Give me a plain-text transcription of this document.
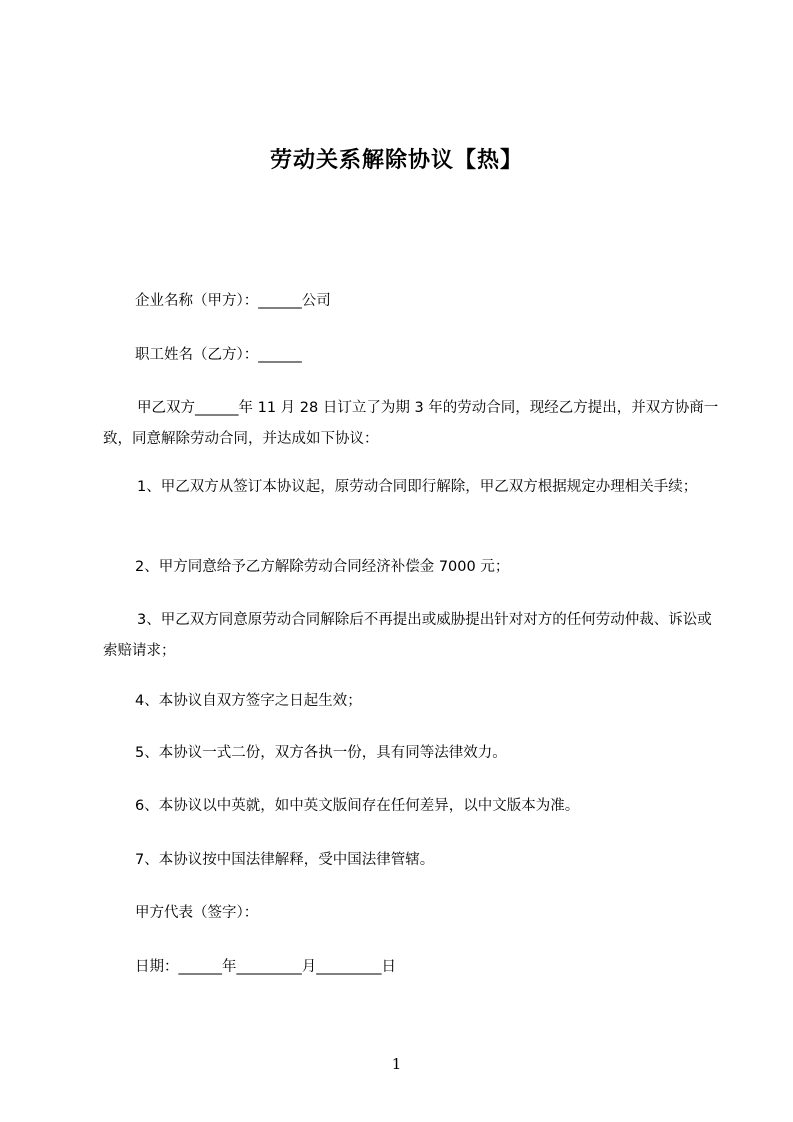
劳动关系解除协议【热】

企业名称（甲方）：______公司

职工姓名（乙方）：______

甲乙双方______年 11 月 28 日订立了为期 3 年的劳动合同，现经乙方提出，并双方协商一致，同意解除劳动合同，并达成如下协议：

1、甲乙双方从签订本协议起，原劳动合同即行解除，甲乙双方根据规定办理相关手续；

2、甲方同意给予乙方解除劳动合同经济补偿金 7000 元；

3、甲乙双方同意原劳动合同解除后不再提出或威胁提出针对对方的任何劳动仲裁、诉讼或索赔请求；

4、本协议自双方签字之日起生效；

5、本协议一式二份，双方各执一份，具有同等法律效力。

6、本协议以中英就，如中英文版间存在任何差异，以中文版本为准。

7、本协议按中国法律解释，受中国法律管辖。

甲方代表（签字）：

日期：______年_________月_________日

1
